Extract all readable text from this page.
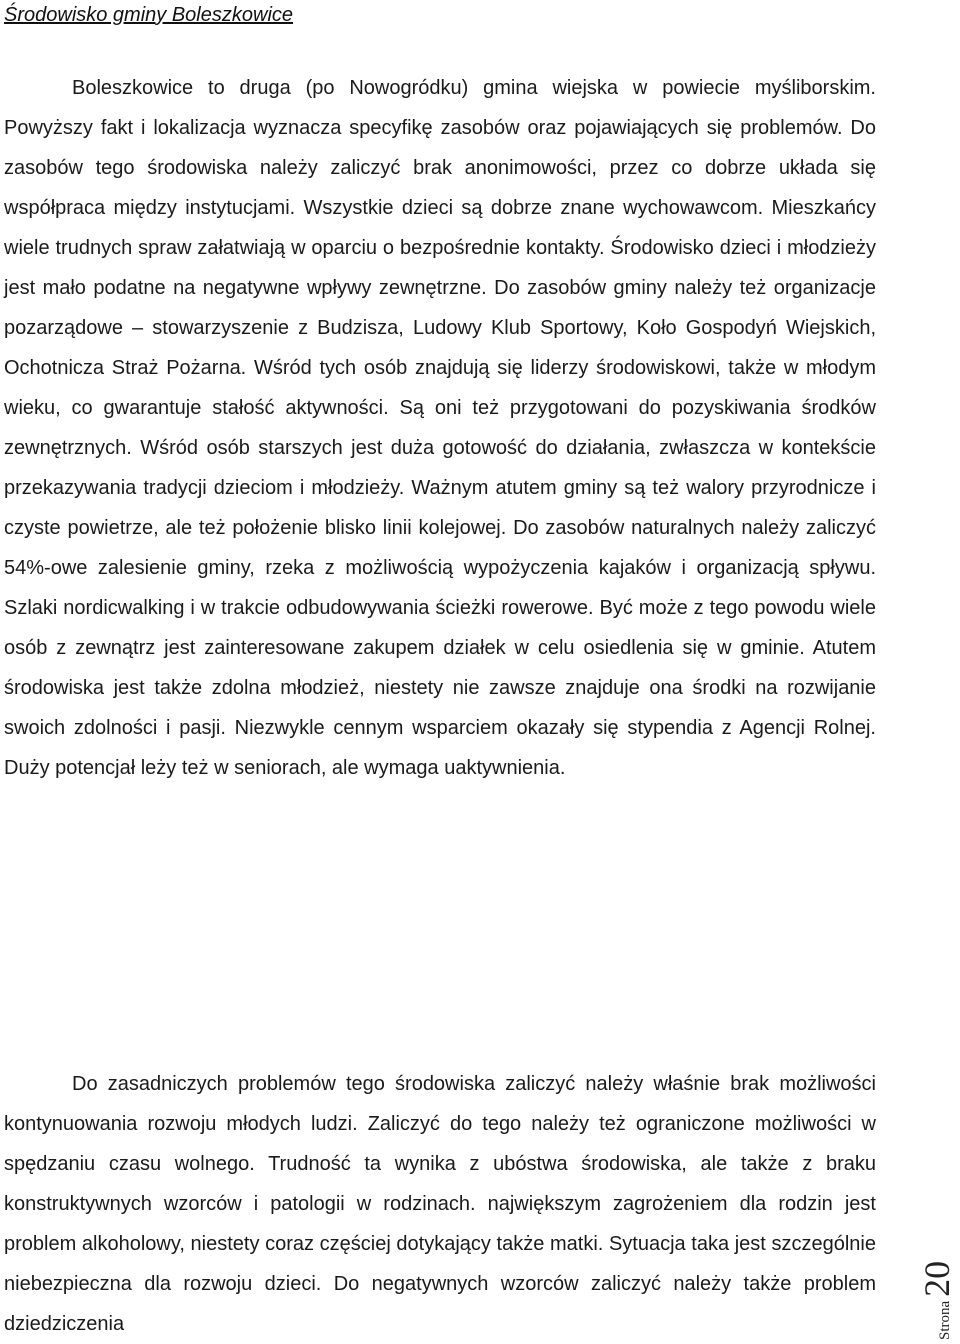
Środowisko gminy Boleszkowice

Boleszkowice to druga (po Nowogródku) gmina wiejska w powiecie myśliborskim. Powyższy fakt i lokalizacja wyznacza specyfikę zasobów oraz pojawiających się problemów. Do zasobów tego środowiska należy zaliczyć brak anonimowości, przez co dobrze układa się współpraca między instytucjami. Wszystkie dzieci są dobrze znane wychowawcom. Mieszkańcy wiele trudnych spraw załatwiają w oparciu o bezpośrednie kontakty. Środowisko dzieci i młodzieży jest mało podatne na negatywne wpływy zewnętrzne. Do zasobów gminy należy też organizacje pozarządowe – stowarzyszenie z Budzisza, Ludowy Klub Sportowy, Koło Gospodyń Wiejskich, Ochotnicza Straż Pożarna. Wśród tych osób znajdują się liderzy środowiskowi, także w młodym wieku, co gwarantuje stałość aktywności. Są oni też przygotowani do pozyskiwania środków zewnętrznych. Wśród osób starszych jest duża gotowość do działania, zwłaszcza w kontekście przekazywania tradycji dzieciom i młodzieży. Ważnym atutem gminy są też walory przyrodnicze i czyste powietrze, ale też położenie blisko linii kolejowej. Do zasobów naturalnych należy zaliczyć 54%-owe zalesienie gminy, rzeka z możliwością wypożyczenia kajaków i organizacją spływu. Szlaki nordicwalking i w trakcie odbudowywania ścieżki rowerowe. Być może z tego powodu wiele osób z zewnątrz jest zainteresowane zakupem działek w celu osiedlenia się w gminie. Atutem środowiska jest także zdolna młodzież, niestety nie zawsze znajduje ona środki na rozwijanie swoich zdolności i pasji. Niezwykle cennym wsparciem okazały się stypendia z Agencji Rolnej. Duży potencjał leży też w seniorach, ale wymaga uaktywnienia.

Do zasadniczych problemów tego środowiska zaliczyć należy właśnie brak możliwości kontynuowania rozwoju młodych ludzi. Zaliczyć do tego należy też ograniczone możliwości w spędzaniu czasu wolnego. Trudność ta wynika z ubóstwa środowiska, ale także z braku konstruktywnych wzorców i patologii w rodzinach. największym zagrożeniem dla rodzin jest problem alkoholowy, niestety coraz częściej dotykający także matki. Sytuacja taka jest szczególnie niebezpieczna dla rozwoju dzieci. Do negatywnych wzorców zaliczyć należy także problem dziedziczenia	Strona20
